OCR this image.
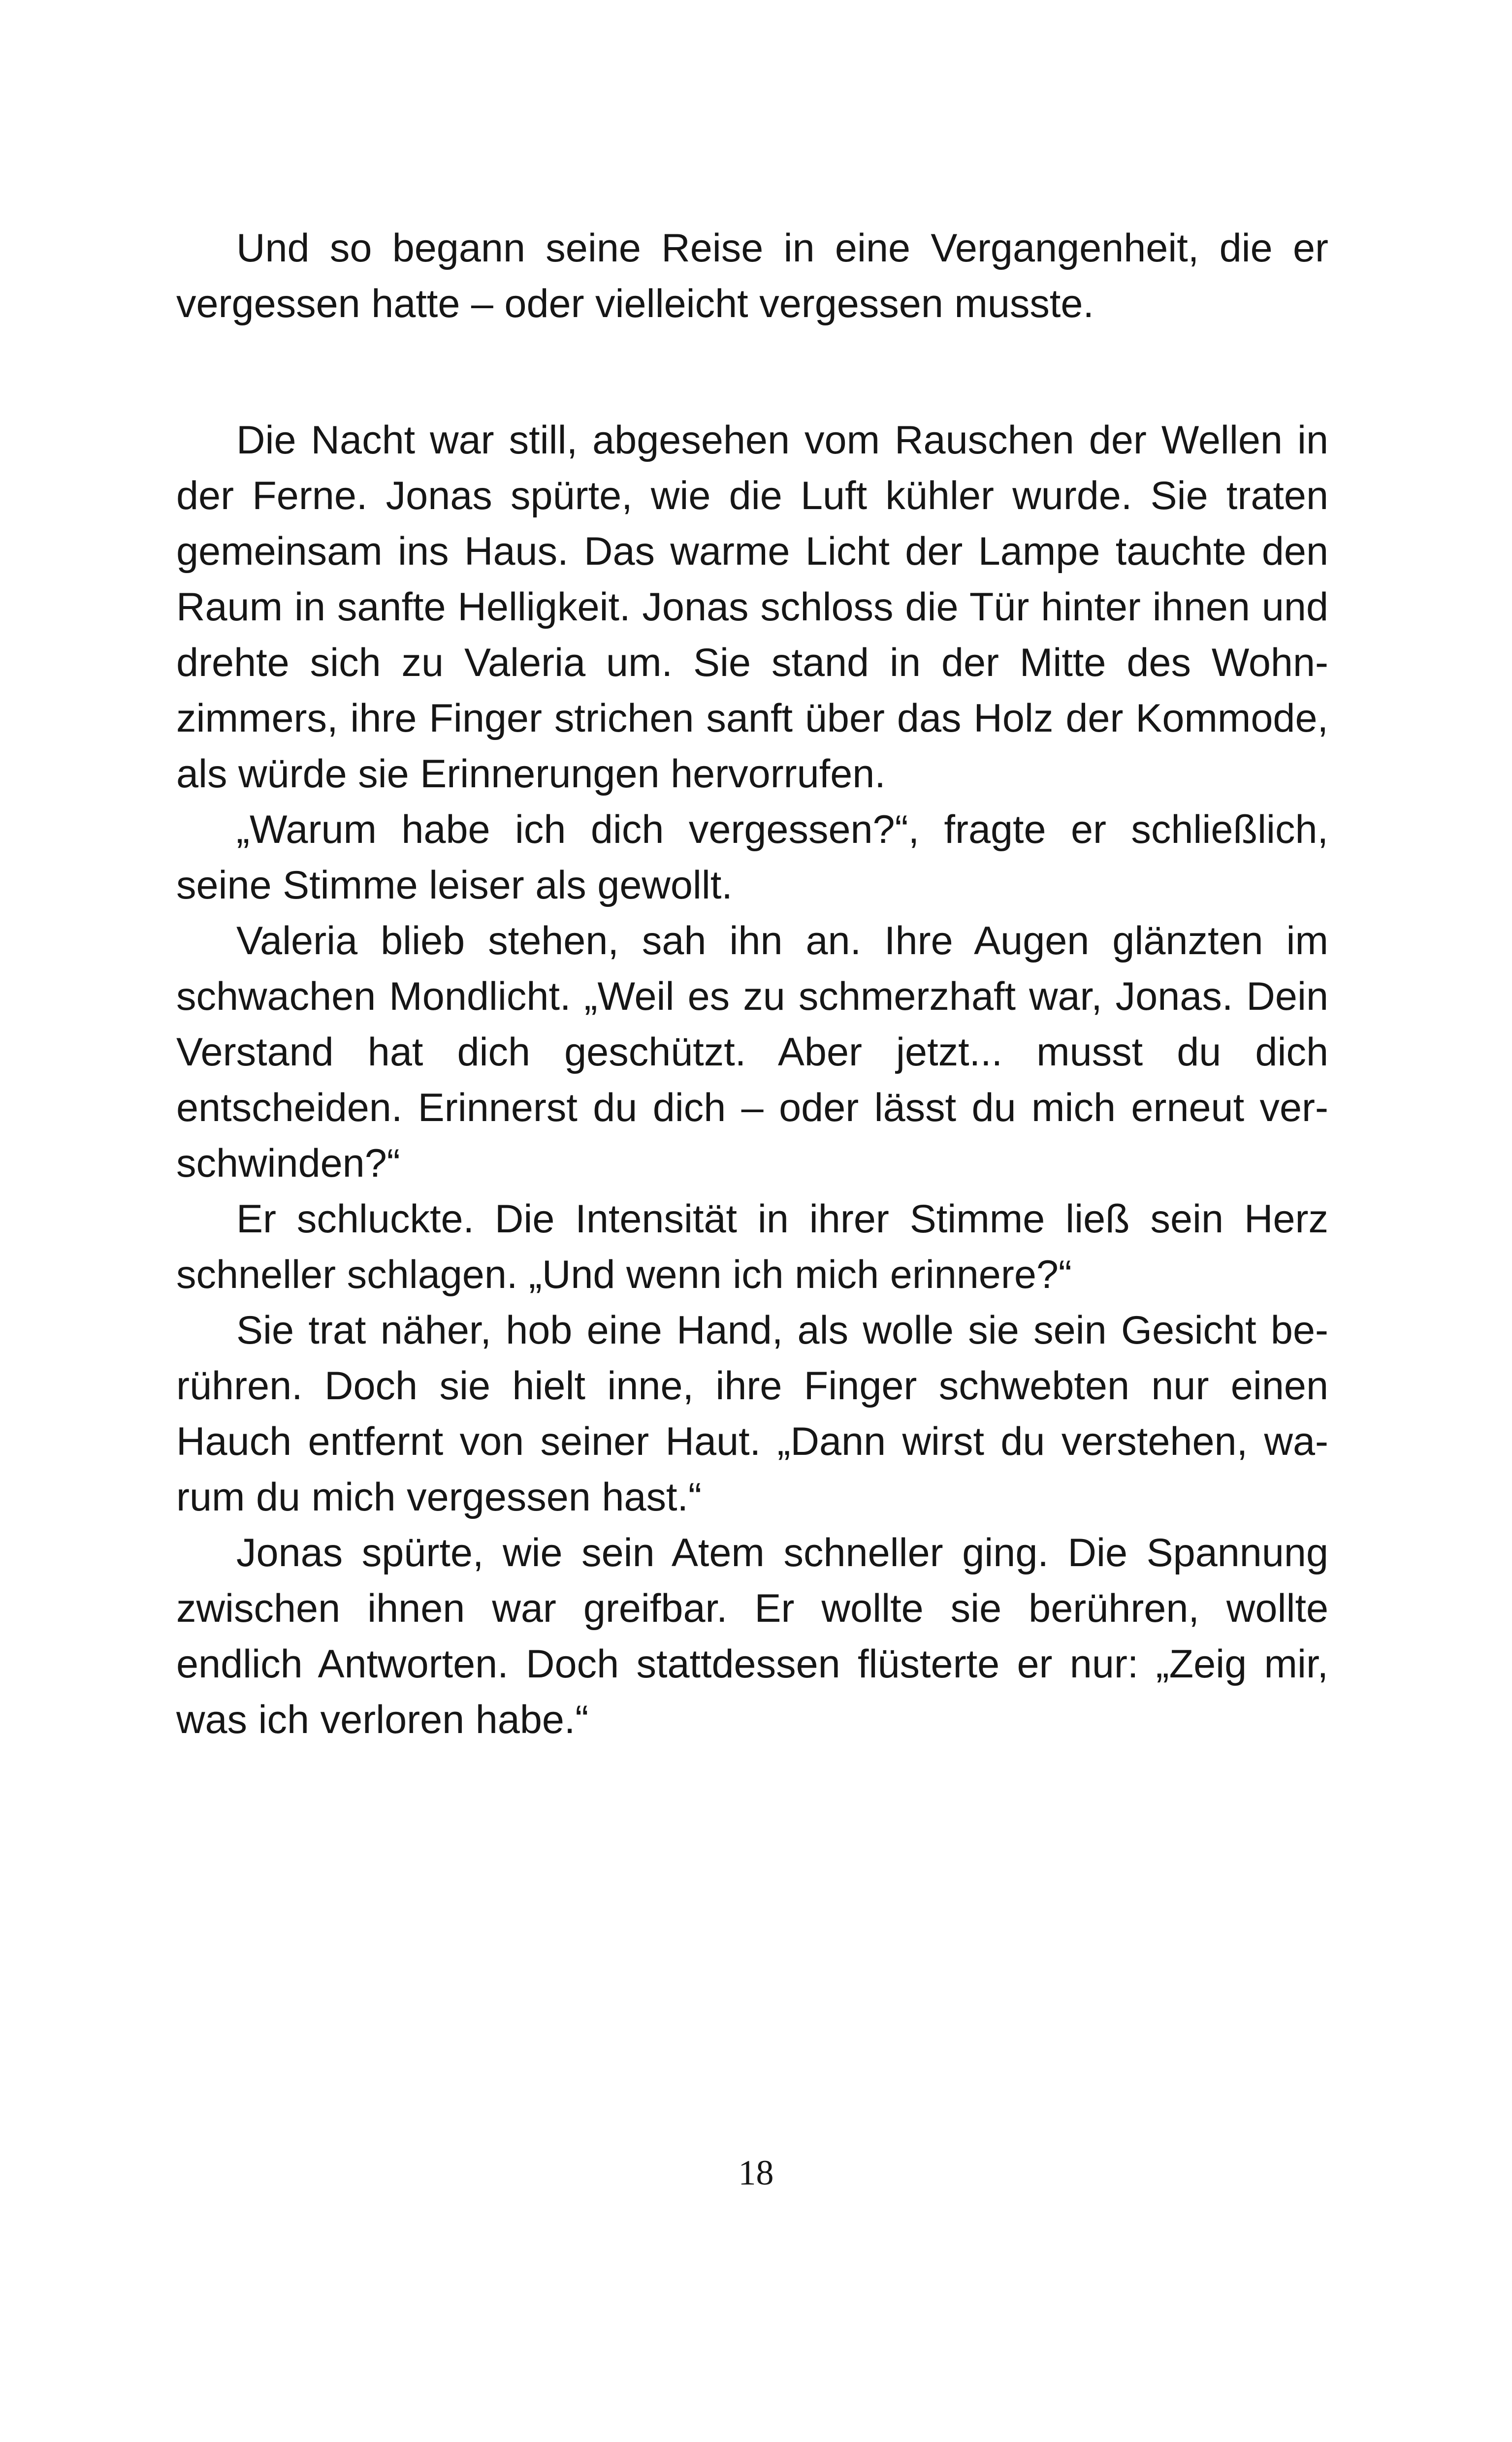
Und so begann seine Reise in eine Vergangenheit, die er vergessen hatte – oder vielleicht vergessen musste.

Die Nacht war still, abgesehen vom Rauschen der Wellen in der Ferne. Jonas spürte, wie die Luft kühler wurde. Sie traten gemeinsam ins Haus. Das warme Licht der Lampe tauchte den Raum in sanfte Helligkeit. Jonas schloss die Tür hinter ihnen und drehte sich zu Valeria um. Sie stand in der Mitte des Wohnzimmers, ihre Finger strichen sanft über das Holz der Kommode, als würde sie Erinnerungen hervorrufen.

„Warum habe ich dich vergessen?“, fragte er schließlich, seine Stimme leiser als gewollt.

Valeria blieb stehen, sah ihn an. Ihre Augen glänzten im schwachen Mondlicht. „Weil es zu schmerzhaft war, Jonas. Dein Verstand hat dich geschützt. Aber jetzt... musst du dich entscheiden. Erinnerst du dich – oder lässt du mich erneut verschwinden?“

Er schluckte. Die Intensität in ihrer Stimme ließ sein Herz schneller schlagen. „Und wenn ich mich erinnere?“

Sie trat näher, hob eine Hand, als wolle sie sein Gesicht berühren. Doch sie hielt inne, ihre Finger schwebten nur einen Hauch entfernt von seiner Haut. „Dann wirst du verstehen, warum du mich vergessen hast.“

Jonas spürte, wie sein Atem schneller ging. Die Spannung zwischen ihnen war greifbar. Er wollte sie berühren, wollte endlich Antworten. Doch stattdessen flüsterte er nur: „Zeig mir, was ich verloren habe.“

18
